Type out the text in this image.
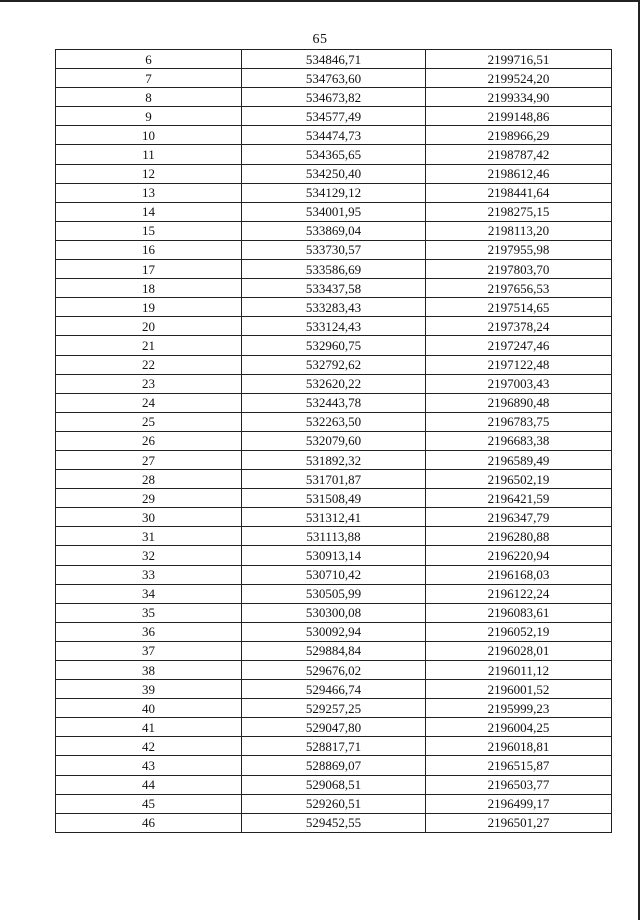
65
6	534846,71	2199716,51
7	534763,60	2199524,20
8	534673,82	2199334,90
9	534577,49	2199148,86
10	534474,73	2198966,29
11	534365,65	2198787,42
12	534250,40	2198612,46
13	534129,12	2198441,64
14	534001,95	2198275,15
15	533869,04	2198113,20
16	533730,57	2197955,98
17	533586,69	2197803,70
18	533437,58	2197656,53
19	533283,43	2197514,65
20	533124,43	2197378,24
21	532960,75	2197247,46
22	532792,62	2197122,48
23	532620,22	2197003,43
24	532443,78	2196890,48
25	532263,50	2196783,75
26	532079,60	2196683,38
27	531892,32	2196589,49
28	531701,87	2196502,19
29	531508,49	2196421,59
30	531312,41	2196347,79
31	531113,88	2196280,88
32	530913,14	2196220,94
33	530710,42	2196168,03
34	530505,99	2196122,24
35	530300,08	2196083,61
36	530092,94	2196052,19
37	529884,84	2196028,01
38	529676,02	2196011,12
39	529466,74	2196001,52
40	529257,25	2195999,23
41	529047,80	2196004,25
42	528817,71	2196018,81
43	528869,07	2196515,87
44	529068,51	2196503,77
45	529260,51	2196499,17
46	529452,55	2196501,27
